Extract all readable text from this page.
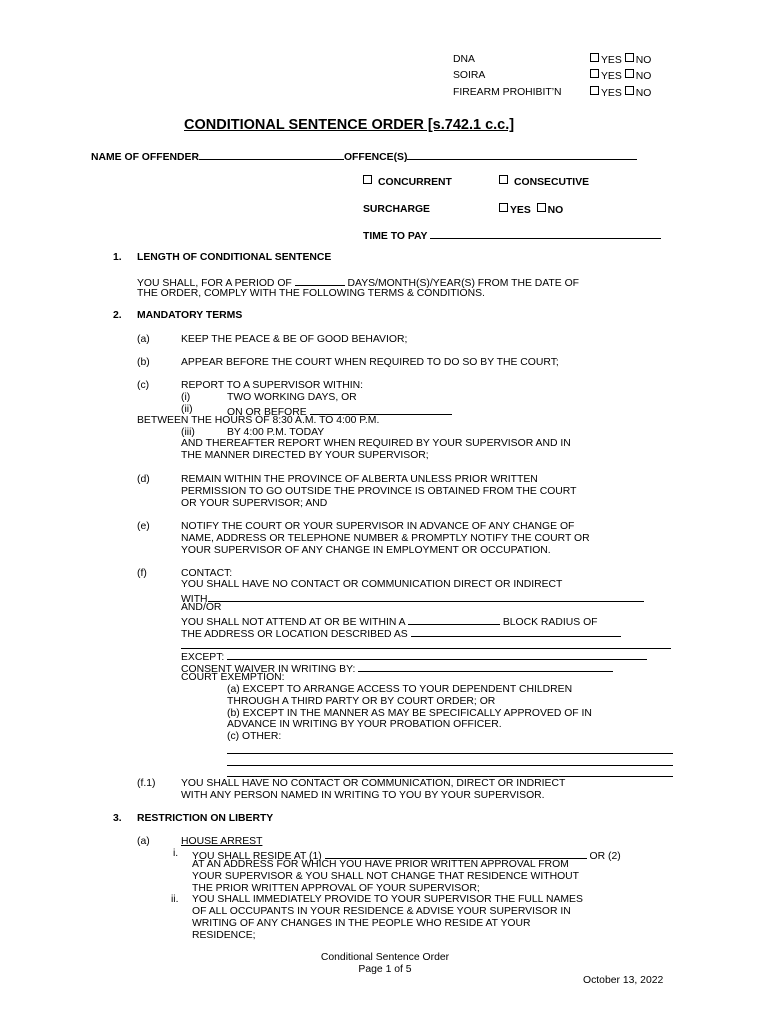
DNA	YES NO
SOIRA	YES NO
FIREARM PROHIBIT’N	YES NO
CONDITIONAL SENTENCE ORDER [s.742.1 c.c.]
NAME OF OFFENDER	OFFENCE(S)
CONCURRENT	CONSECUTIVE
SURCHARGE	YES NO
TIME TO PAY
1. LENGTH OF CONDITIONAL SENTENCE
YOU SHALL, FOR A PERIOD OF	DAYS/MONTH(S)/YEAR(S) FROM THE DATE OF
THE ORDER, COMPLY WITH THE FOLLOWING TERMS & CONDITIONS.
2. MANDATORY TERMS
(a)	KEEP THE PEACE & BE OF GOOD BEHAVIOR;
(b)	APPEAR BEFORE THE COURT WHEN REQUIRED TO DO SO BY THE COURT;
(c)	REPORT TO A SUPERVISOR WITHIN:
(i)	TWO WORKING DAYS, OR
(ii)	ON OR BEFORE
BETWEEN THE HOURS OF 8:30 A.M. TO 4:00 P.M.
(iii)	BY 4:00 P.M. TODAY
AND THEREAFTER REPORT WHEN REQUIRED BY YOUR SUPERVISOR AND IN
THE MANNER DIRECTED BY YOUR SUPERVISOR;
(d)	REMAIN WITHIN THE PROVINCE OF ALBERTA UNLESS PRIOR WRITTEN
PERMISSION TO GO OUTSIDE THE PROVINCE IS OBTAINED FROM THE COURT
OR YOUR SUPERVISOR; AND
(e)	NOTIFY THE COURT OR YOUR SUPERVISOR IN ADVANCE OF ANY CHANGE OF
NAME, ADDRESS OR TELEPHONE NUMBER & PROMPTLY NOTIFY THE COURT OR
YOUR SUPERVISOR OF ANY CHANGE IN EMPLOYMENT OR OCCUPATION.
(f)	CONTACT:
YOU SHALL HAVE NO CONTACT OR COMMUNICATION DIRECT OR INDIRECT
WITH
AND/OR
YOU SHALL NOT ATTEND AT OR BE WITHIN A	BLOCK RADIUS OF
THE ADDRESS OR LOCATION DESCRIBED AS
EXCEPT:
CONSENT WAIVER IN WRITING BY:
COURT EXEMPTION:
(a) EXCEPT TO ARRANGE ACCESS TO YOUR DEPENDENT CHILDREN
THROUGH A THIRD PARTY OR BY COURT ORDER; OR
(b) EXCEPT IN THE MANNER AS MAY BE SPECIFICALLY APPROVED OF IN
ADVANCE IN WRITING BY YOUR PROBATION OFFICER.
(c) OTHER:
(f.1) YOU SHALL HAVE NO CONTACT OR COMMUNICATION, DIRECT OR INDRIECT
WITH ANY PERSON NAMED IN WRITING TO YOU BY YOUR SUPERVISOR.
3. RESTRICTION ON LIBERTY
(a)	HOUSE ARREST
i. YOU SHALL RESIDE AT (1)	OR (2)
AT AN ADDRESS FOR WHICH YOU HAVE PRIOR WRITTEN APPROVAL FROM
YOUR SUPERVISOR & YOU SHALL NOT CHANGE THAT RESIDENCE WITHOUT
THE PRIOR WRITTEN APPROVAL OF YOUR SUPERVISOR;
ii. YOU SHALL IMMEDIATELY PROVIDE TO YOUR SUPERVISOR THE FULL NAMES
OF ALL OCCUPANTS IN YOUR RESIDENCE & ADVISE YOUR SUPERVISOR IN
WRITING OF ANY CHANGES IN THE PEOPLE WHO RESIDE AT YOUR
RESIDENCE;
Conditional Sentence Order
Page 1 of 5
October 13, 2022
